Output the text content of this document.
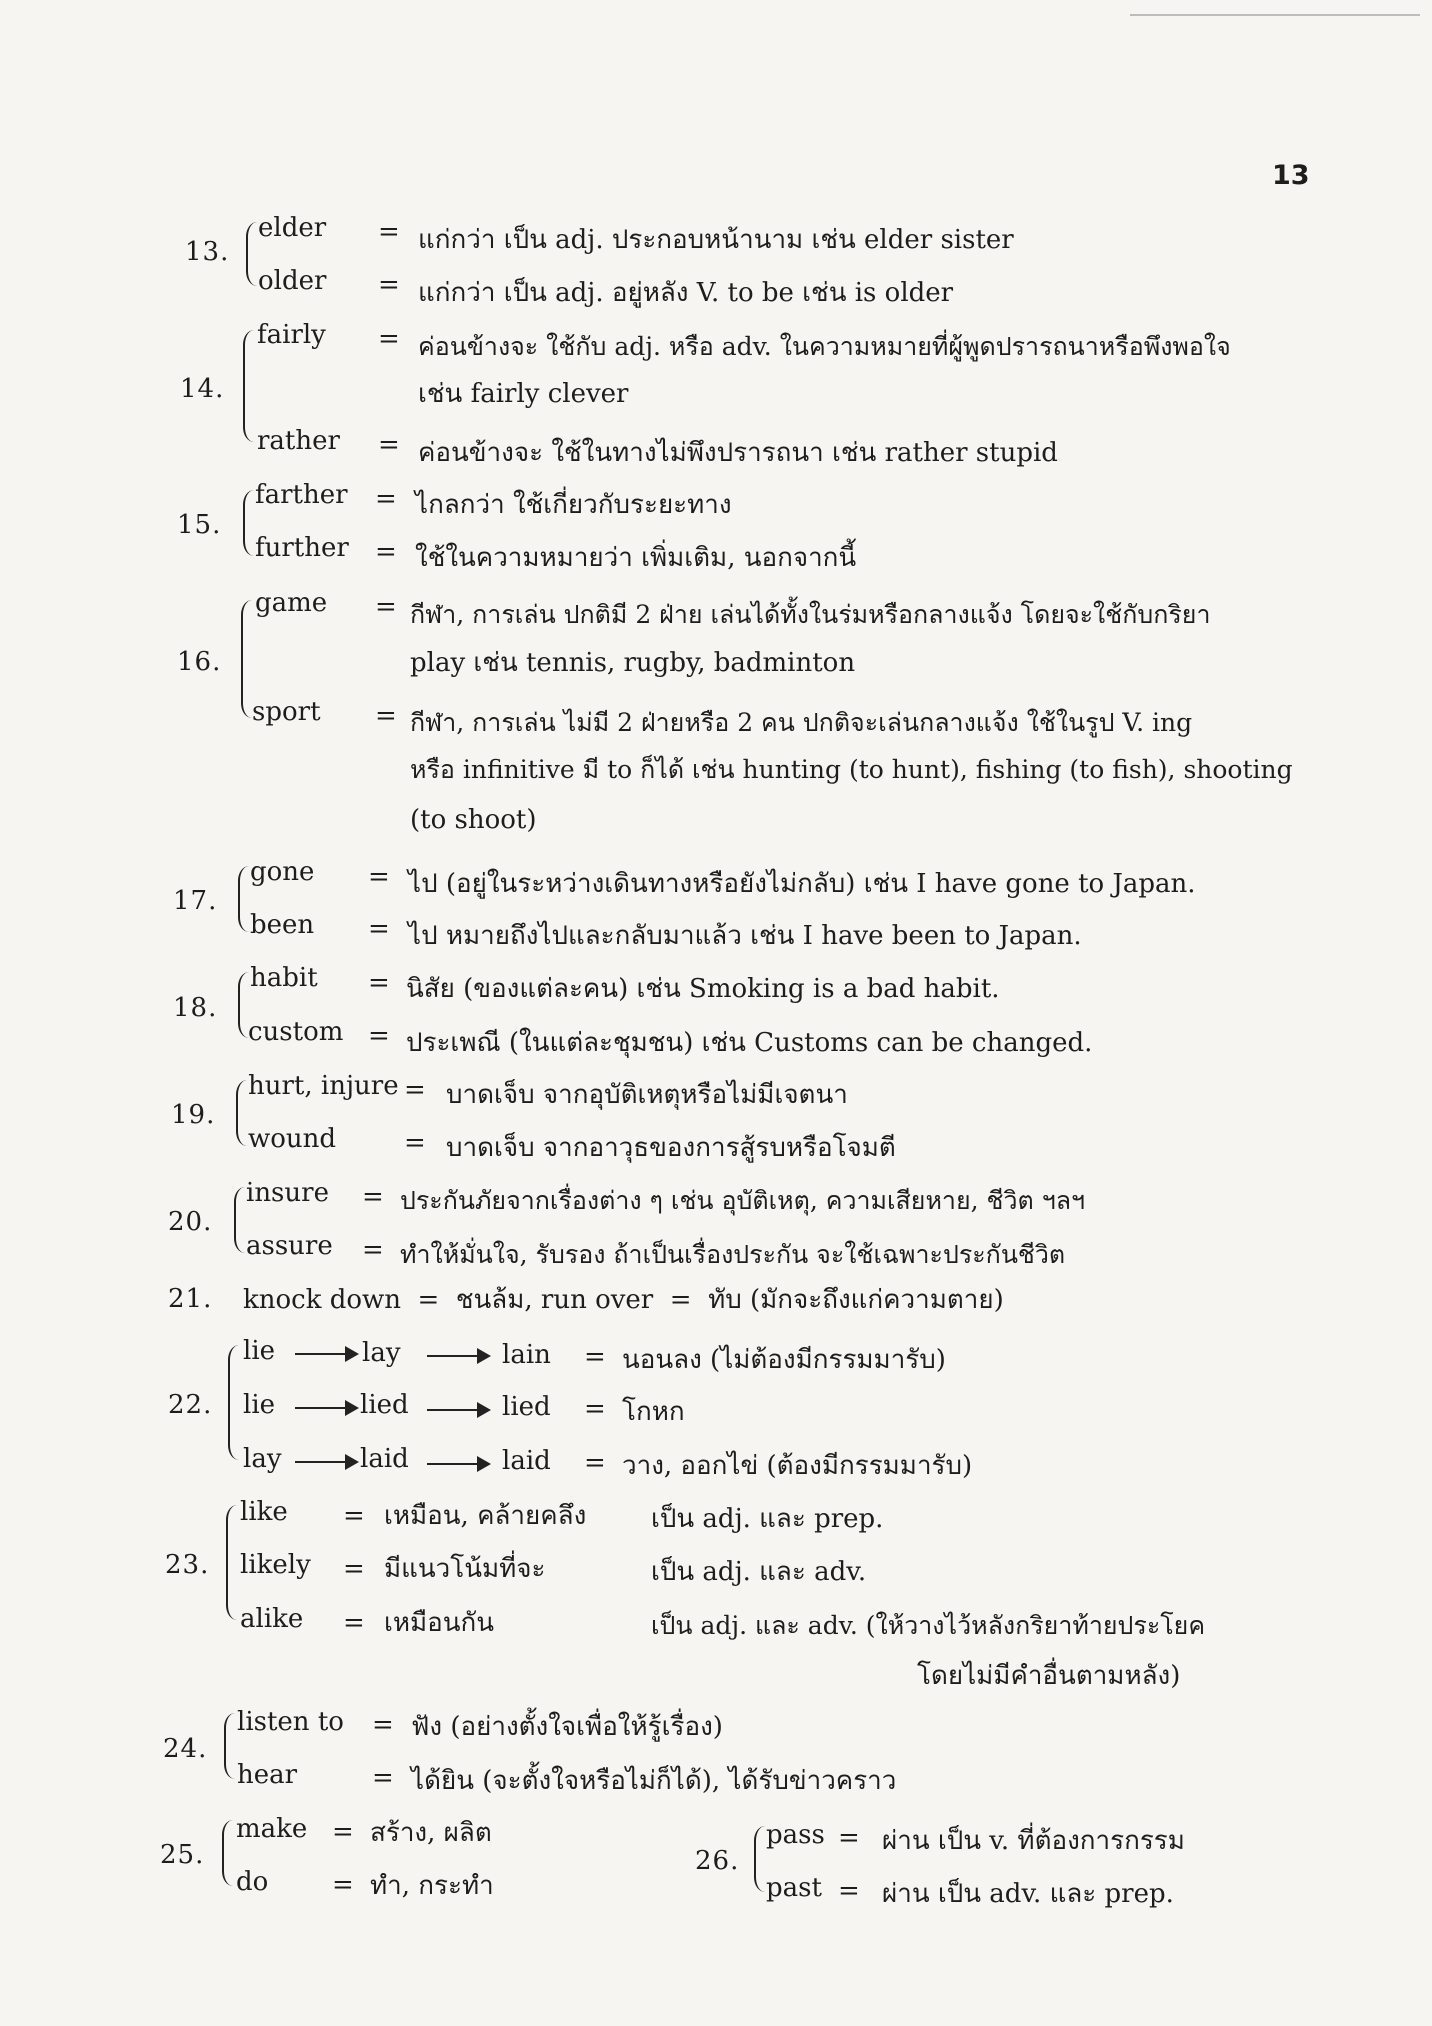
13
13.
elder = แก่กว่า เป็น adj. ประกอบหน้านาม เช่น elder sister
older = แก่กว่า เป็น adj. อยู่หลัง V. to be เช่น is older
14.
fairly = ค่อนข้างจะ ใช้กับ adj. หรือ adv. ในความหมายที่ผู้พูดปรารถนาหรือพึงพอใจ
เช่น fairly clever
rather = ค่อนข้างจะ ใช้ในทางไม่พึงปรารถนา เช่น rather stupid
15.
farther = ไกลกว่า ใช้เกี่ยวกับระยะทาง
further = ใช้ในความหมายว่า เพิ่มเติม, นอกจากนี้
16.
game = กีฬา, การเล่น ปกติมี 2 ฝ่าย เล่นได้ทั้งในร่มหรือกลางแจ้ง โดยจะใช้กับกริยา
play เช่น tennis, rugby, badminton
sport = กีฬา, การเล่น ไม่มี 2 ฝ่ายหรือ 2 คน ปกติจะเล่นกลางแจ้ง ใช้ในรูป V. ing
หรือ infinitive มี to ก็ได้ เช่น hunting (to hunt), fishing (to fish), shooting
(to shoot)
17.
gone = ไป (อยู่ในระหว่างเดินทางหรือยังไม่กลับ) เช่น I have gone to Japan.
been = ไป หมายถึงไปและกลับมาแล้ว เช่น I have been to Japan.
18.
habit = นิสัย (ของแต่ละคน) เช่น Smoking is a bad habit.
custom = ประเพณี (ในแต่ละชุมชน) เช่น Customs can be changed.
19.
hurt, injure = บาดเจ็บ จากอุบัติเหตุหรือไม่มีเจตนา
wound	= บาดเจ็บ จากอาวุธของการสู้รบหรือโจมตี
20.
insure = ประกันภัยจากเรื่องต่าง ๆ เช่น อุบัติเหตุ, ความเสียหาย, ชีวิต ฯลฯ
assure = ทำให้มั่นใจ, รับรอง ถ้าเป็นเรื่องประกัน จะใช้เฉพาะประกันชีวิต
21. knock down  =  ชนล้ม, run over  =  ทับ (มักจะถึงแก่ความตาย)
22.
lie	lay	lain = นอนลง (ไม่ต้องมีกรรมมารับ)
lie	lied	lied = โกหก
lay	laid	laid = วาง, ออกไข่ (ต้องมีกรรมมารับ)
23.
like = เหมือน, คล้ายคลึง เป็น adj. และ prep.
likely = มีแนวโน้มที่จะ	เป็น adj. และ adv.
alike = เหมือนกัน	เป็น adj. และ adv. (ให้วางไว้หลังกริยาท้ายประโยค
โดยไม่มีคำอื่นตามหลัง)
24.
listen to = ฟัง (อย่างตั้งใจเพื่อให้รู้เรื่อง)
hear	= ได้ยิน (จะตั้งใจหรือไม่ก็ได้), ได้รับข่าวคราว
25.
make = สร้าง, ผลิต
do = ทำ, กระทำ
26.
pass = ผ่าน เป็น v. ที่ต้องการกรรม
past = ผ่าน เป็น adv. และ prep.
